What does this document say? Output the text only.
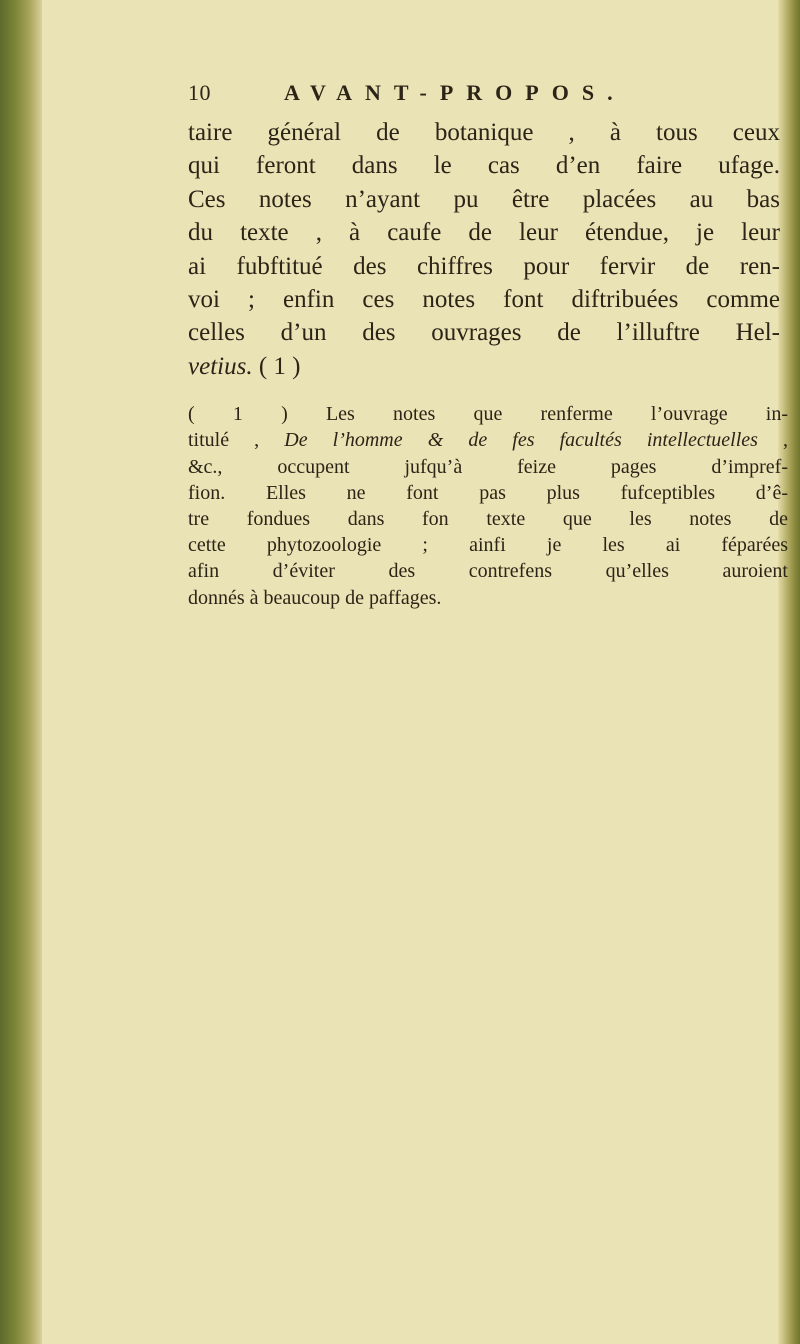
10	AVANT-PROPOS.
taire général de botanique , à tous ceux
qui feront dans le cas d’en faire ufage.
Ces notes n’ayant pu être placées au bas
du texte , à caufe de leur étendue, je leur
ai fubftitué des chiffres pour fervir de ren-
voi ; enfin ces notes font diftribuées comme
celles d’un des ouvrages de l’illuftre Hel-
vetius. ( 1 )
( 1 ) Les notes que renferme l’ouvrage in-
titulé , De l’homme & de fes facultés intellectuelles ,
&c., occupent jufqu’à feize pages d’impref-
fion. Elles ne font pas plus fufceptibles d’ê-
tre fondues dans fon texte que les notes de
cette phytozoologie ; ainfi je les ai féparées
afin d’éviter des contrefens qu’elles auroient
donnés à beaucoup de paffages.
